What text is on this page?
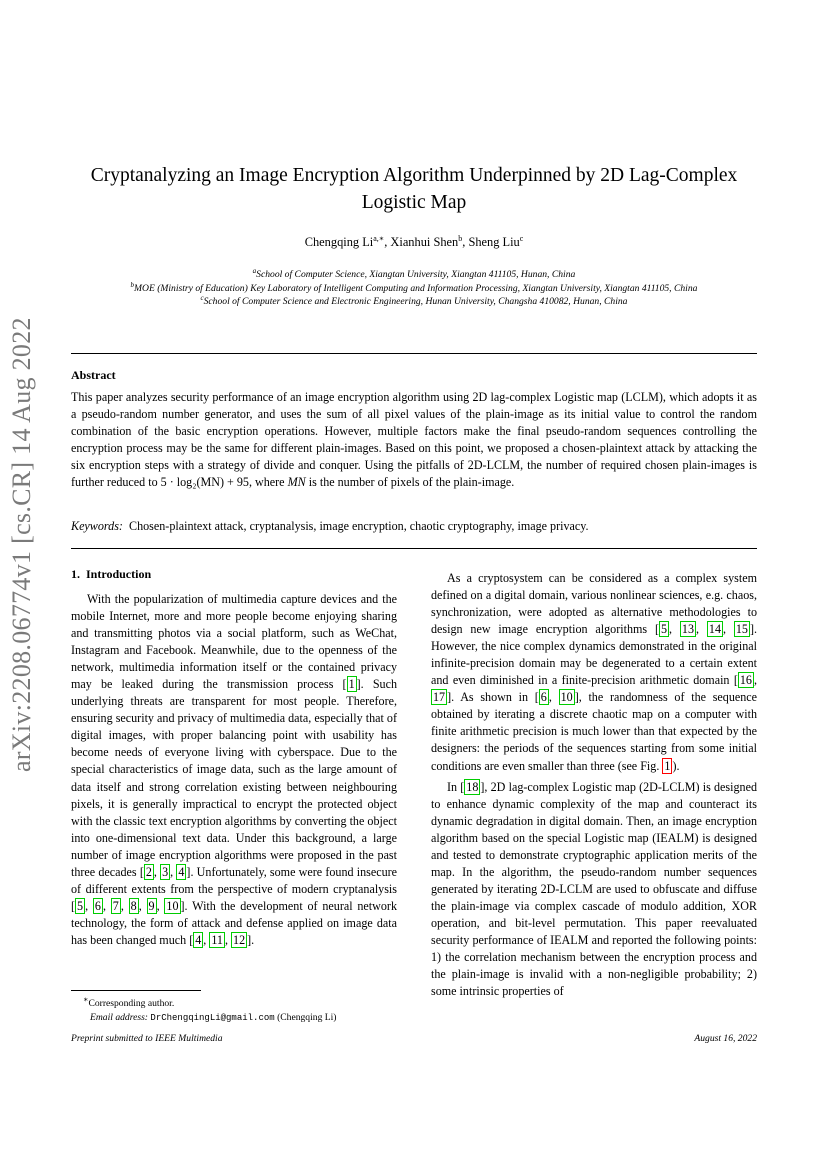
arXiv:2208.06774v1 [cs.CR] 14 Aug 2022
Cryptanalyzing an Image Encryption Algorithm Underpinned by 2D Lag-Complex Logistic Map
Chengqing $Li^{a,∗}$, Xianhui Shen$^b$, Sheng Liu$^c$
$^a$School of Computer Science, Xiangtan University, Xiangtan 411105, Hunan, China
$^b$MOE (Ministry of Education) Key Laboratory of Intelligent Computing and Information Processing, Xiangtan University, Xiangtan 411105, China
$^c$School of Computer Science and Electronic Engineering, Hunan University, Changsha 410082, Hunan, China
Abstract
This paper analyzes security performance of an image encryption algorithm using 2D lag-complex Logistic map (LCLM), which adopts it as a pseudo-random number generator, and uses the sum of all pixel values of the plain-image as its initial value to control the random combination of the basic encryption operations. However, multiple factors make the final pseudo-random sequences controlling the encryption process may be the same for different plain-images. Based on this point, we proposed a chosen-plaintext attack by attacking the six encryption steps with a strategy of divide and conquer. Using the pitfalls of 2D-LCLM, the number of required chosen plain-images is further reduced to 5 · log₂(MN) + 95, where MN is the number of pixels of the plain-image.
Keywords: Chosen-plaintext attack, cryptanalysis, image encryption, chaotic cryptography, image privacy.
1. Introduction

With the popularization of multimedia capture devices and the mobile Internet, more and more people become enjoying sharing and transmitting photos via a social platform, such as WeChat, Instagram and Facebook. Meanwhile, due to the openness of the network, multimedia information itself or the contained privacy may be leaked during the transmission process [ 1 ]. Such underlying threats are transparent for most people. Therefore, ensuring security and privacy of multimedia data, especially that of digital images, with proper balancing point with usability has become needs of everyone living with cyberspace. Due to the special characteristics of image data, such as the large amount of data itself and strong correlation existing between neighbouring pixels, it is generally impractical to encrypt the protected object with the classic text encryption algorithms by converting the object into one-dimensional text data. Under this background, a large number of image encryption algorithms were proposed in the past three decades [ 2 , 3 , 4 ]. Unfortunately, some were found insecure of different extents from the perspective of modern cryptanalysis [ 5 , 6 , 7 , 8 , 9 , 10 ]. With the development of neural network technology, the form of attack and defense applied on image data has been changed much [ 4 , 11 , 12 ].

As a cryptosystem can be considered as a complex system defined on a digital domain, various nonlinear sciences, e.g. chaos, synchronization, were adopted as alternative methodologies to design new image encryption algorithms [ 5 , 13 , 14 , 15 ]. However, the nice complex dynamics demonstrated in the original infinite-precision domain may be degenerated to a certain extent and even diminished in a finite-precision arithmetic domain [ 16 , 17 ]. As shown in [ 6 , 10 ], the randomness of the sequence obtained by iterating a discrete chaotic map on a computer with finite arithmetic precision is much lower than that expected by the designers: the periods of the sequences starting from some initial conditions are even smaller than three (see Fig. 1 ).

In [ 18 ], 2D lag-complex Logistic map (2D-LCLM) is designed to enhance dynamic complexity of the map and counteract its dynamic degradation in digital domain. Then, an image encryption algorithm based on the special Logistic map (IEALM) is designed and tested to demonstrate cryptographic application merits of the map. In the algorithm, the pseudo-random number sequences generated by iterating 2D-LCLM are used to obfuscate and diffuse the plain-image via complex cascade of modulo addition, XOR operation, and bit-level permutation. This paper reevaluated security performance of IEALM and reported the following points: 1) the correlation mechanism between the encryption process and the plain-image is invalid with a non-negligible probability; 2) some intrinsic properties of

∗Corresponding author.
Email address: DrChengqingLi@gmail.com (Chengqing Li)
Preprint submitted to IEEE Multimedia	August 16, 2022
